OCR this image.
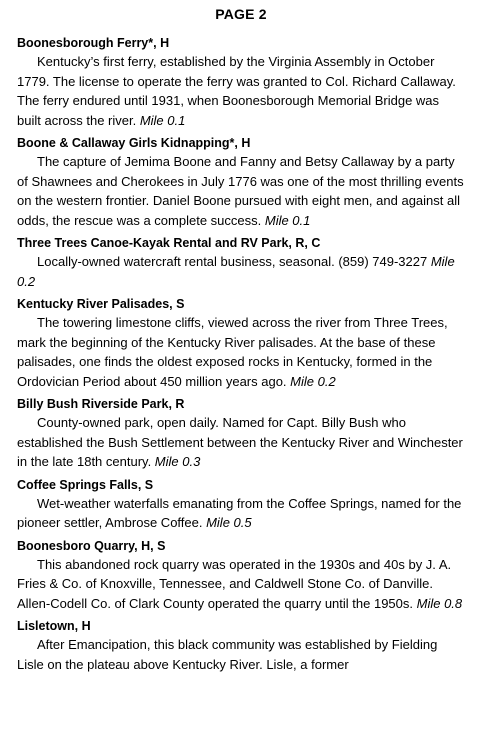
PAGE 2
Boonesborough Ferry*, H

Kentucky’s first ferry, established by the Virginia Assembly in October 1779. The license to operate the ferry was granted to Col. Richard Callaway. The ferry endured until 1931, when Boonesborough Memorial Bridge was built across the river. Mile 0.1

Boone & Callaway Girls Kidnapping*, H

The capture of Jemima Boone and Fanny and Betsy Callaway by a party of Shawnees and Cherokees in July 1776 was one of the most thrilling events on the western frontier. Daniel Boone pursued with eight men, and against all odds, the rescue was a complete success. Mile 0.1

Three Trees Canoe-Kayak Rental and RV Park, R, C

Locally-owned watercraft rental business, seasonal. (859) 749-3227 Mile 0.2

Kentucky River Palisades, S

The towering limestone cliffs, viewed across the river from Three Trees, mark the beginning of the Kentucky River palisades. At the base of these palisades, one finds the oldest exposed rocks in Kentucky, formed in the Ordovician Period about 450 million years ago. Mile 0.2

Billy Bush Riverside Park, R

County-owned park, open daily. Named for Capt. Billy Bush who established the Bush Settlement between the Kentucky River and Winchester in the late 18th century. Mile 0.3

Coffee Springs Falls, S

Wet-weather waterfalls emanating from the Coffee Springs, named for the pioneer settler, Ambrose Coffee. Mile 0.5

Boonesboro Quarry, H, S

This abandoned rock quarry was operated in the 1930s and 40s by J. A. Fries & Co. of Knoxville, Tennessee, and Caldwell Stone Co. of Danville. Allen-Codell Co. of Clark County operated the quarry until the 1950s. Mile 0.8

Lisletown, H

After Emancipation, this black community was established by Fielding Lisle on the plateau above Kentucky River. Lisle, a former
